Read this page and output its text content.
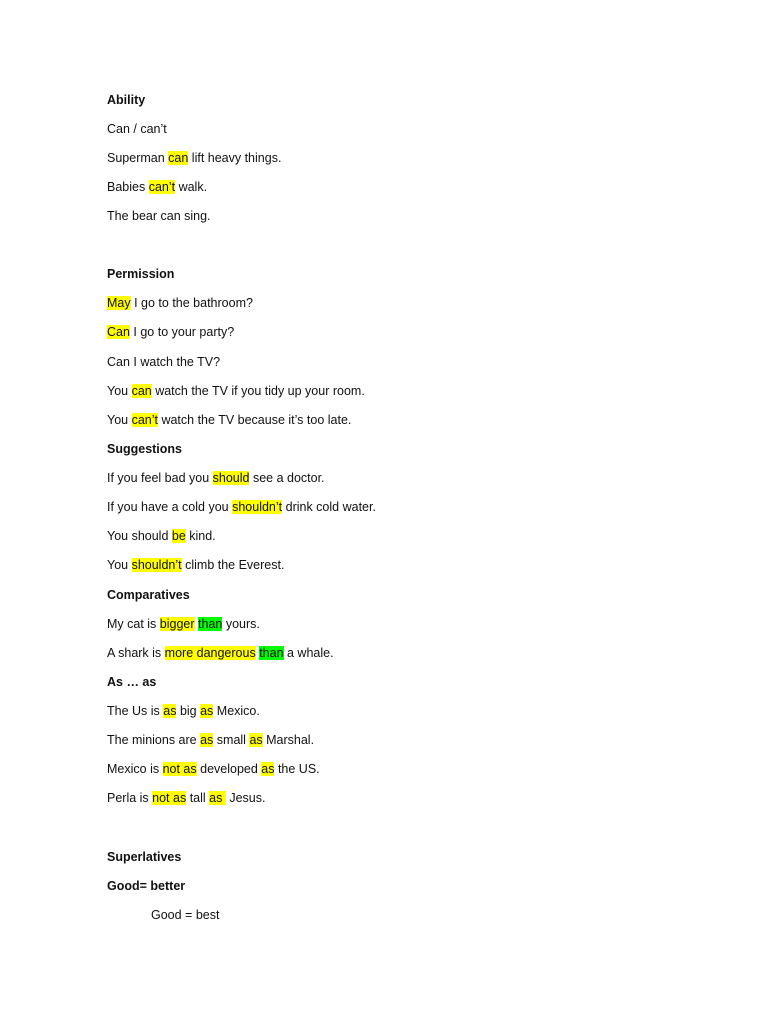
Ability
Can / can’t
Superman can lift heavy things.
Babies can’t walk.
The bear can sing.
Permission
May I go to the bathroom?
Can I go to your party?
Can I watch the TV?
You can watch the TV if you tidy up your room.
You can’t watch the TV because it’s too late.
Suggestions
If you feel bad you should see a doctor.
If you have a cold you shouldn’t drink cold water.
You should be kind.
You shouldn’t climb the Everest.
Comparatives
My cat is bigger than yours.
A shark is more dangerous than a whale.
As … as
The Us is as big as Mexico.
The minions are as small as Marshal.
Mexico is not as developed as the US.
Perla is not as tall as  Jesus.
Superlatives
Good= better
Good = best
